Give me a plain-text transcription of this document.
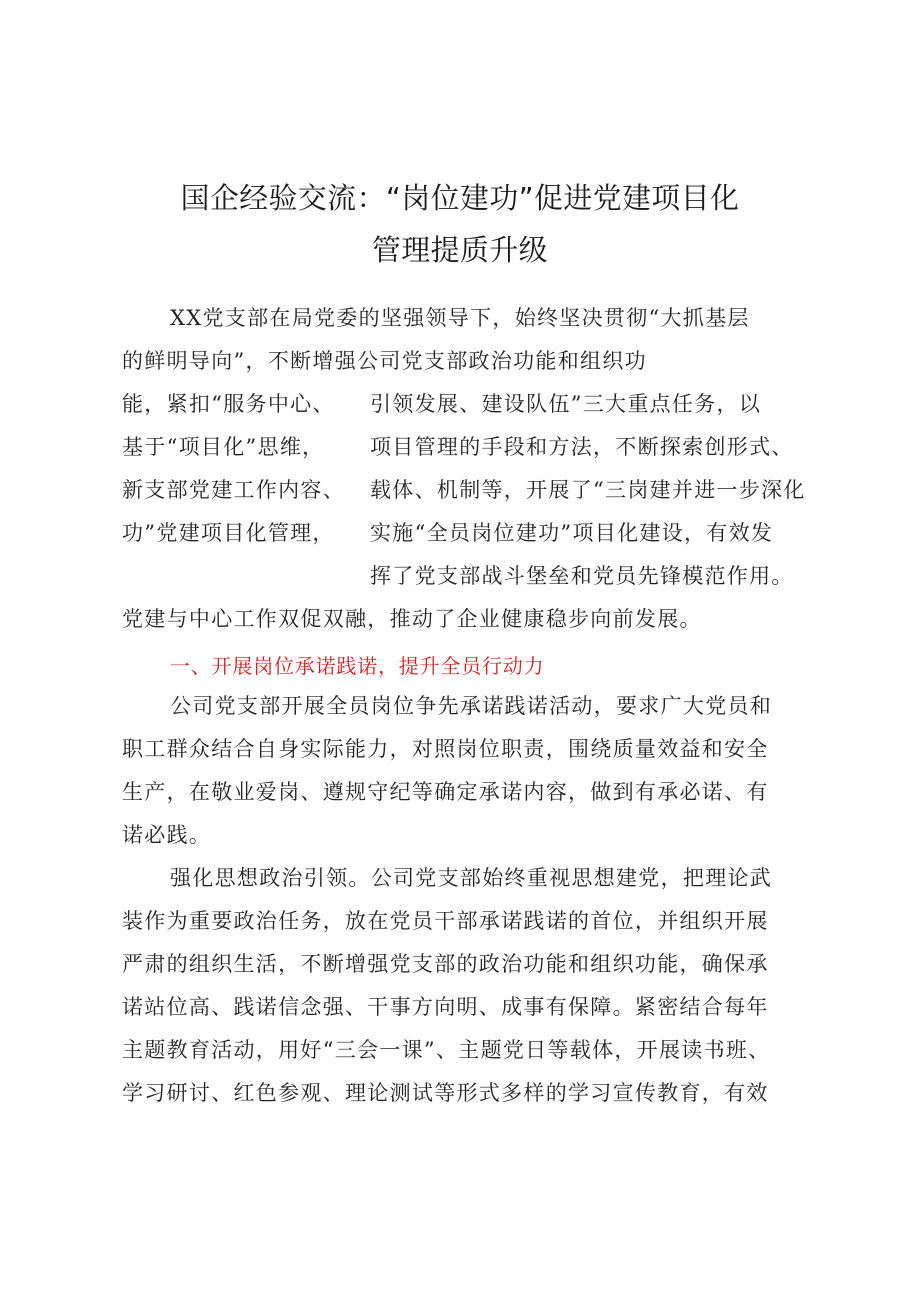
国企经验交流：“岗位建功”促进党建项目化
管理提质升级
XX党支部在局党委的坚强领导下，始终坚决贯彻“大抓基层
的鲜明导向”，不断增强公司党支部政治功能和组织功
能，紧扣“服务中心、
基于“项目化”思维，
新支部党建工作内容、
功”党建项目化管理，
引领发展、建设队伍”三大重点任务，以
项目管理的手段和方法，不断探索创形式、
载体、机制等，开展了“三岗建并进一步深化
实施“全员岗位建功”项目化建设，有效发
挥了党支部战斗堡垒和党员先锋模范作用。
党建与中心工作双促双融，推动了企业健康稳步向前发展。
一、开展岗位承诺践诺，提升全员行动力
公司党支部开展全员岗位争先承诺践诺活动，要求广大党员和
职工群众结合自身实际能力，对照岗位职责，围绕质量效益和安全
生产，在敬业爱岗、遵规守纪等确定承诺内容，做到有承必诺、有
诺必践。
强化思想政治引领。公司党支部始终重视思想建党，把理论武
装作为重要政治任务，放在党员干部承诺践诺的首位，并组织开展
严肃的组织生活，不断增强党支部的政治功能和组织功能，确保承
诺站位高、践诺信念强、干事方向明、成事有保障。紧密结合每年
主题教育活动，用好“三会一课”、主题党日等载体，开展读书班、
学习研讨、红色参观、理论测试等形式多样的学习宣传教育，有效
